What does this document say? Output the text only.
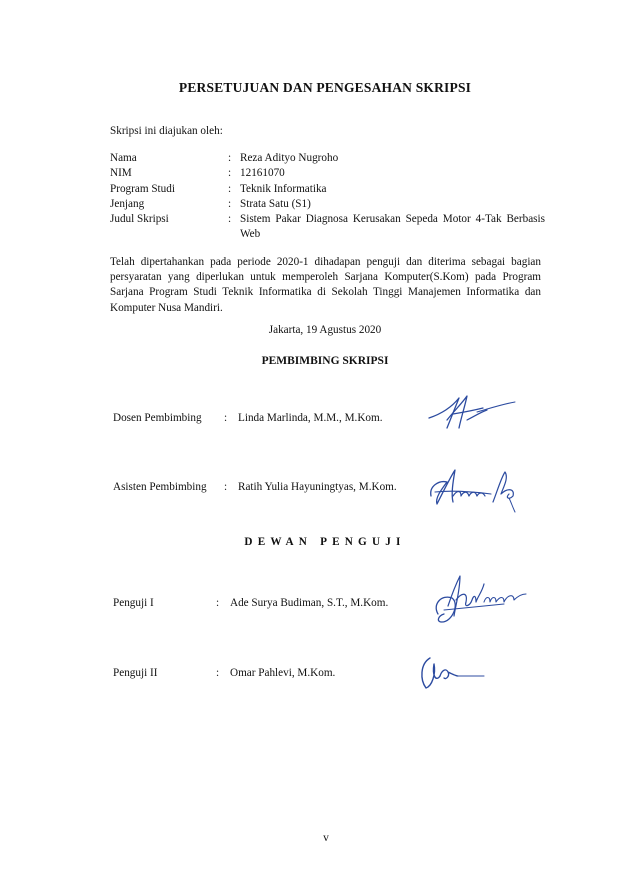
PERSETUJUAN DAN PENGESAHAN SKRIPSI
Skripsi ini diajukan oleh:
Nama	: Reza Adityo Nugroho
NIM	: 12161070
Program Studi	: Teknik Informatika
Jenjang	: Strata Satu (S1)
Judul Skripsi	: Sistem Pakar Diagnosa Kerusakan Sepeda Motor 4-Tak Berbasis Web
Telah dipertahankan pada periode 2020-1 dihadapan penguji dan diterima sebagai bagian persyaratan yang diperlukan untuk memperoleh Sarjana Komputer(S.Kom) pada Program Sarjana Program Studi Teknik Informatika di Sekolah Tinggi Manajemen Informatika dan Komputer Nusa Mandiri.
Jakarta, 19 Agustus 2020
PEMBIMBING SKRIPSI
Dosen Pembimbing	: Linda Marlinda, M.M., M.Kom.
Asisten Pembimbing	: Ratih Yulia Hayuningtyas, M.Kom.
DEWAN PENGUJI
Penguji I	: Ade Surya Budiman, S.T., M.Kom.
Penguji II	: Omar Pahlevi, M.Kom.
v
